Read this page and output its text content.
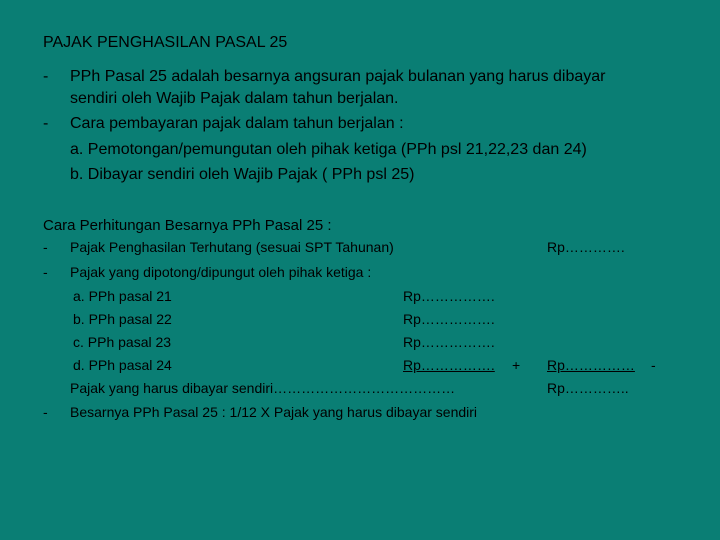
PAJAK PENGHASILAN PASAL 25
- PPh Pasal 25 adalah besarnya angsuran pajak bulanan yang harus dibayar
sendiri oleh Wajib Pajak dalam tahun berjalan.
- Cara pembayaran pajak dalam tahun berjalan :
a. Pemotongan/pemungutan oleh pihak ketiga (PPh psl 21,22,23 dan 24)
b. Dibayar sendiri oleh Wajib Pajak ( PPh psl 25)
Cara Perhitungan Besarnya PPh Pasal 25 :
- Pajak Penghasilan Terhutang (sesuai SPT Tahunan)	Rp………….
- Pajak yang dipotong/dipungut oleh pihak ketiga :
a. PPh pasal 21	Rp…………….
b. PPh pasal 22	Rp…………….
c. PPh pasal 23	Rp…………….
d. PPh pasal 24	Rp……………. + Rp…………… -
Pajak yang harus dibayar sendiri…………………………………	Rp…………..
- Besarnya PPh Pasal 25 : 1/12 X Pajak yang harus dibayar sendiri
